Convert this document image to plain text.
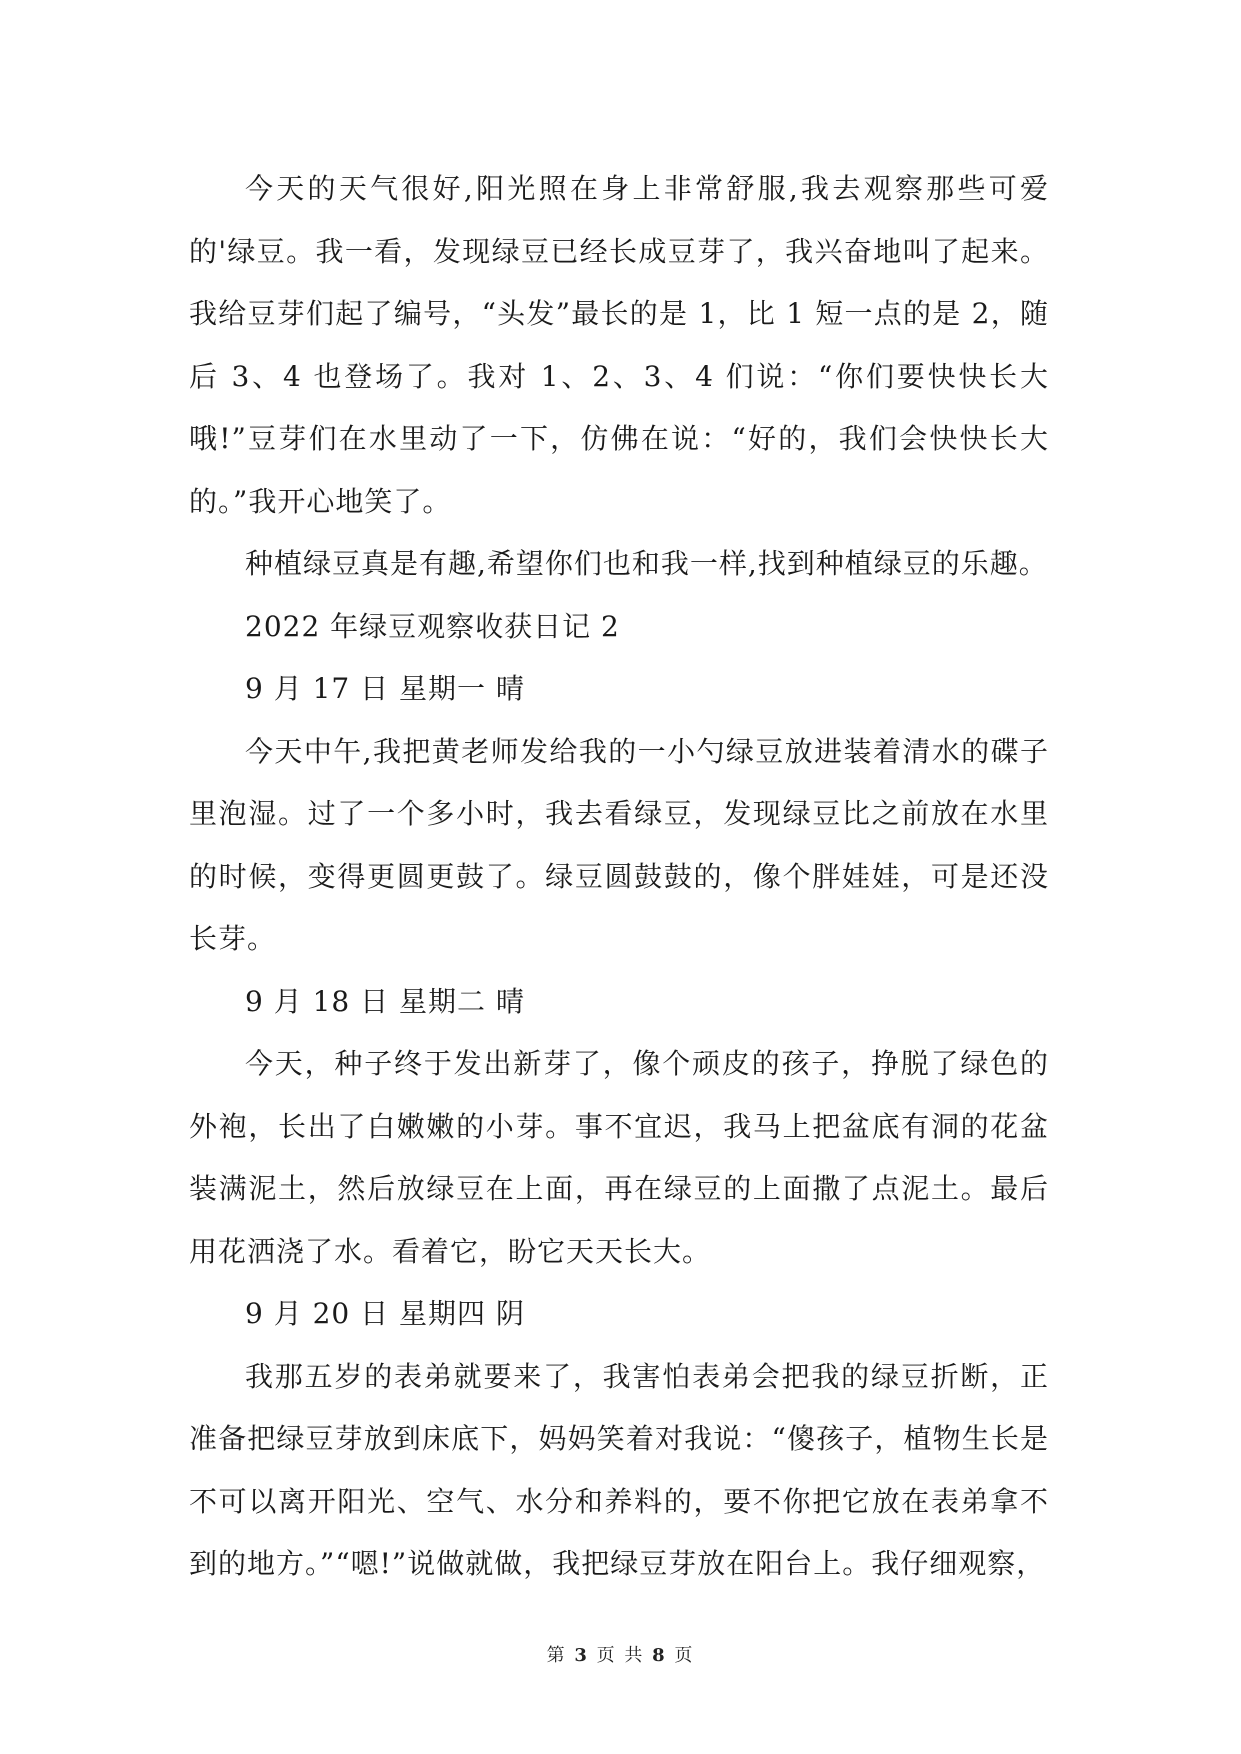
今天的天气很好,阳光照在身上非常舒服,我去观察那些可爱的'绿豆。我一看，发现绿豆已经长成豆芽了，我兴奋地叫了起来。我给豆芽们起了编号，“头发”最长的是 1，比 1 短一点的是 2，随后 3、4 也登场了。我对 1、2、3、4 们说：“你们要快快长大哦!”豆芽们在水里动了一下，仿佛在说：“好的，我们会快快长大的。”我开心地笑了。

种植绿豆真是有趣,希望你们也和我一样,找到种植绿豆的乐趣。

2022 年绿豆观察收获日记 2

9 月 17 日 星期一 晴

今天中午,我把黄老师发给我的一小勺绿豆放进装着清水的碟子里泡湿。过了一个多小时，我去看绿豆，发现绿豆比之前放在水里的时候，变得更圆更鼓了。绿豆圆鼓鼓的，像个胖娃娃，可是还没长芽。

9 月 18 日 星期二 晴

今天，种子终于发出新芽了，像个顽皮的孩子，挣脱了绿色的外袍，长出了白嫩嫩的小芽。事不宜迟，我马上把盆底有洞的花盆装满泥土，然后放绿豆在上面，再在绿豆的上面撒了点泥土。最后用花洒浇了水。看着它，盼它天天长大。

9 月 20 日 星期四 阴

我那五岁的表弟就要来了，我害怕表弟会把我的绿豆折断，正准备把绿豆芽放到床底下，妈妈笑着对我说：“傻孩子，植物生长是不可以离开阳光、空气、水分和养料的，要不你把它放在表弟拿不到的地方。”“嗯!”说做就做，我把绿豆芽放在阳台上。我仔细观察，

第 3 页 共 8 页
